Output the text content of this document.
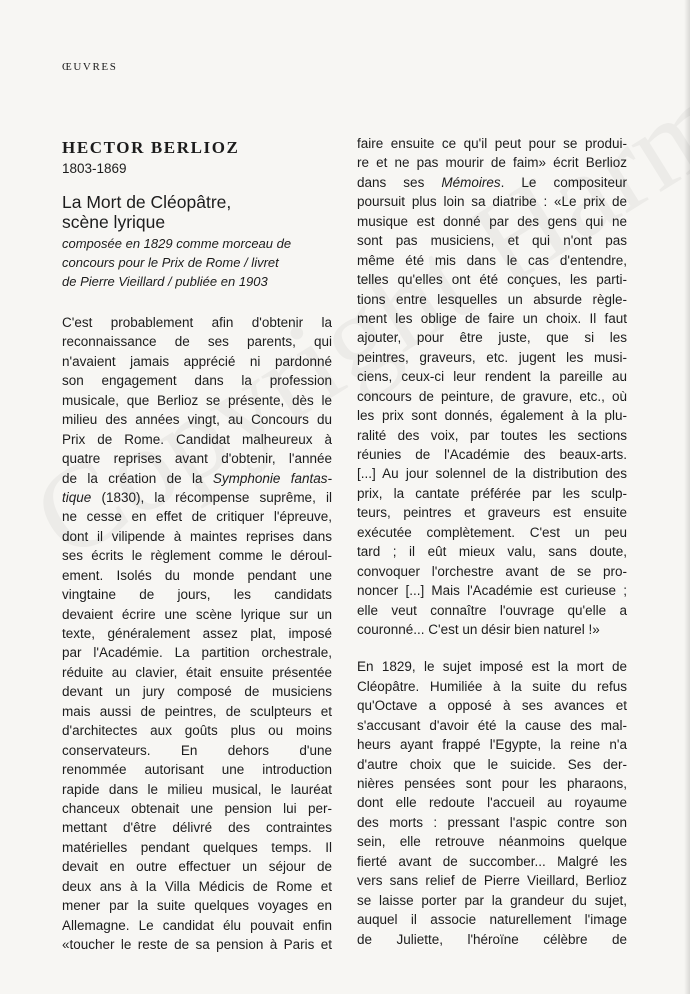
ŒUVRES
HECTOR BERLIOZ
1803-1869
La Mort de Cléopâtre,
scène lyrique
composée en 1829 comme morceau de
concours pour le Prix de Rome / livret
de Pierre Vieillard / publiée en 1903
C'est probablement afin d'obtenir la
reconnaissance de ses parents, qui
n'avaient jamais apprécié ni pardonné
son engagement dans la profession
musicale, que Berlioz se présente, dès le
milieu des années vingt, au Concours du
Prix de Rome. Candidat malheureux à
quatre reprises avant d'obtenir, l'année
de la création de la Symphonie fantas-
tique (1830), la récompense suprême, il
ne cesse en effet de critiquer l'épreuve,
dont il vilipende à maintes reprises dans
ses écrits le règlement comme le déroul-
ement. Isolés du monde pendant une
vingtaine de jours, les candidats
devaient écrire une scène lyrique sur un
texte, généralement assez plat, imposé
par l'Académie. La partition orchestrale,
réduite au clavier, était ensuite présentée
devant un jury composé de musiciens
mais aussi de peintres, de sculpteurs et
d'architectes aux goûts plus ou moins
conservateurs. En dehors d'une
renommée autorisant une introduction
rapide dans le milieu musical, le lauréat
chanceux obtenait une pension lui per-
mettant d'être délivré des contraintes
matérielles pendant quelques temps. Il
devait en outre effectuer un séjour de
deux ans à la Villa Médicis de Rome et
mener par la suite quelques voyages en
Allemagne. Le candidat élu pouvait enfin
«toucher le reste de sa pension à Paris et
faire ensuite ce qu'il peut pour se produi-
re et ne pas mourir de faim» écrit Berlioz
dans ses Mémoires. Le compositeur
poursuit plus loin sa diatribe : «Le prix de
musique est donné par des gens qui ne
sont pas musiciens, et qui n'ont pas
même été mis dans le cas d'entendre,
telles qu'elles ont été conçues, les parti-
tions entre lesquelles un absurde règle-
ment les oblige de faire un choix. Il faut
ajouter, pour être juste, que si les
peintres, graveurs, etc. jugent les musi-
ciens, ceux-ci leur rendent la pareille au
concours de peinture, de gravure, etc., où
les prix sont donnés, également à la plu-
ralité des voix, par toutes les sections
réunies de l'Académie des beaux-arts.
[...] Au jour solennel de la distribution des
prix, la cantate préférée par les sculp-
teurs, peintres et graveurs est ensuite
exécutée complètement. C'est un peu
tard ; il eût mieux valu, sans doute,
convoquer l'orchestre avant de se pro-
noncer [...] Mais l'Académie est curieuse ;
elle veut connaître l'ouvrage qu'elle a
couronné... C'est un désir bien naturel !»
En 1829, le sujet imposé est la mort de
Cléopâtre. Humiliée à la suite du refus
qu'Octave a opposé à ses avances et
s'accusant d'avoir été la cause des mal-
heurs ayant frappé l'Egypte, la reine n'a
d'autre choix que le suicide. Ses der-
nières pensées sont pour les pharaons,
dont elle redoute l'accueil au royaume
des morts : pressant l'aspic contre son
sein, elle retrouve néanmoins quelque
fierté avant de succomber... Malgré les
vers sans relief de Pierre Vieillard, Berlioz
se laisse porter par la grandeur du sujet,
auquel il associe naturellement l'image
de Juliette, l'héroïne célèbre de
